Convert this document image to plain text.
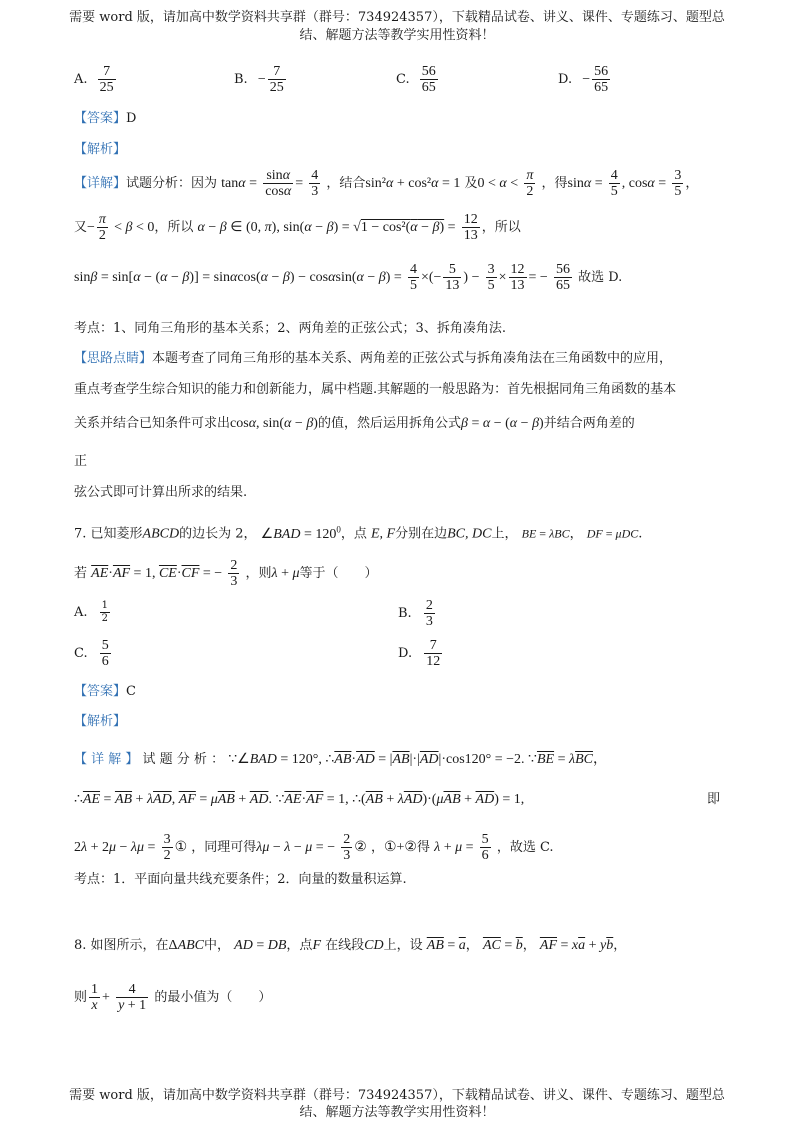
需要 word 版，请加高中数学资料共享群（群号：734924357），下载精品试卷、讲义、课件、专题练习、题型总
结、解题方法等教学实用性资料！
A. $\frac{7}{25}$	B. − $\frac{7}{25}$	C. $\frac{56}{65}$	D. − $\frac{56}{65}$
【答案】D
【解析】
【详解】试题分析：因为 $\tan\alpha = \frac{\sin\alpha}{\cos\alpha} = \frac{4}{3}$ ，结合sin²α + cos²α = 1 及$0 < \alpha < \frac{\pi}{2}$ ，得$\sin\alpha = \frac{4}{5}$ , $\cos\alpha = \frac{3}{5}$ ，
又− $\frac{\pi}{2} < \beta < 0$，所以 α − β ∈ (0, π), $\sin(\alpha - \beta) = √1 - \cos^2(\alpha - \beta) = \frac{12}{13}$ ，所以
$\sin\beta = \sin[\alpha - (\alpha - \beta)] = \sin\alpha\cos(\alpha - \beta) - \cos\alpha\sin(\alpha - \beta) = \frac{4}{5}$ ×(− $\frac{5}{13}$ ) − $\frac{3}{5} \times \frac{12}{13}$ = − $\frac{56}{65}$ 故选 D.
考点：1、同角三角形的基本关系；2、两角差的正弦公式；3、拆角凑角法.
【思路点睛】本题考查了同角三角形的基本关系、两角差的正弦公式与拆角凑角法在三角函数中的应用，
重点考查学生综合知识的能力和创新能力，属中档题.其解题的一般思路为：首先根据同角三角函数的基本
关系并结合已知条件可求出cosα, sin(α − β)的值，然后运用拆角公式β = α − (α − β)并结合两角差的
正
弦公式即可计算出所求的结果.
7. 已知菱形ABCD的边长为 2， ∠BAD = $120^0$，点 E, F分别在边BC, DC上， BE = λBC， DF = μDC.
若 $\overline{AE}\cdot\overline{AF} = 1$, $\overline{CE}\cdot\overline{CF}$ = − $\frac{2}{3}$ ，则λ + μ等于（　　）
A. $\frac{1}{2}$	B. $\frac{2}{3}$
C. $\frac{5}{6}$	D. $\frac{7}{12}$
【答案】C
【解析】
【 详 解 】 试 题 分 析 ： ∵∠BAD = 120°, $\therefore\overline{AB}\cdot\overline{AD} = |\overline{AB}|\cdot|\overline{AD}|\cdot\cos 120^\circ = -2$. $\because\overline{BE} = \lambda\overline{BC}$，
$\therefore\overline{AE} = \overline{AB} + \lambda\overline{AD}$, $\overline{AF} = \mu\overline{AB} + \overline{AD}$. $\because\overline{AE}\cdot\overline{AF} = 1$, $\therefore(\overline{AB} + \lambda\overline{AD})\cdot(\mu\overline{AB} + \overline{AD}) = 1$,	即
$2\lambda + 2\mu - \lambda\mu = \frac{3}{2}$ ① ，同理可得λμ − λ − μ = − $\frac{2}{3}$ ② ，①+②得 $\lambda + \mu = \frac{5}{6}$ ，故选 C.
考点：1．平面向量共线充要条件；2．向量的数量积运算.
8. 如图所示，在ΔABC中， AD = DB，点F 在线段CD上，设 $\overline{AB} = \overline{a}$， $\overline{AC} = \overline{b}$， $\overline{AF} = x\overline{a} + y\overline{b}$，
则 $\frac{1}{x} + \frac{4}{y + 1}$ 的最小值为（　　）
需要 word 版，请加高中数学资料共享群（群号：734924357），下载精品试卷、讲义、课件、专题练习、题型总
结、解题方法等教学实用性资料！
